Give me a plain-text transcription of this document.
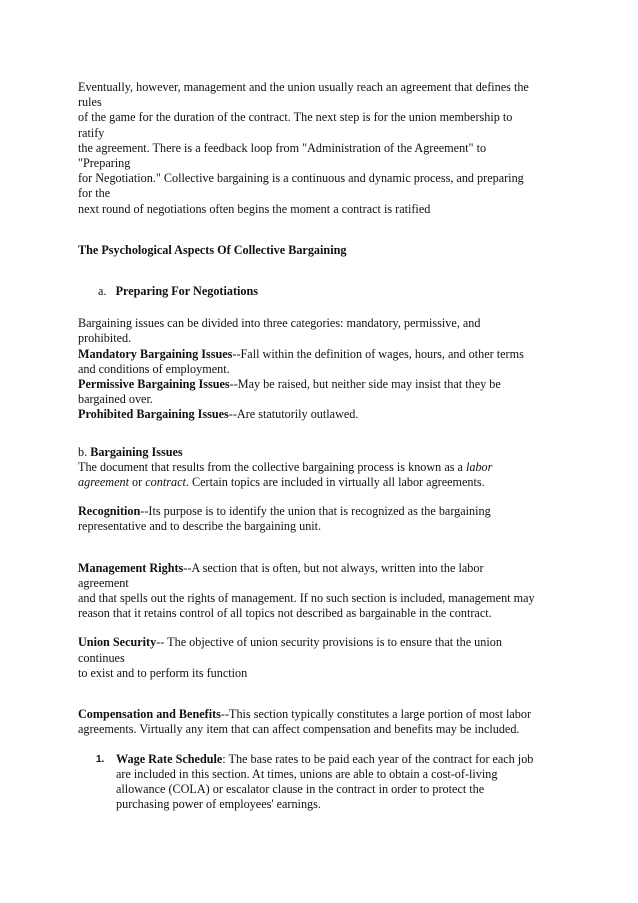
Eventually, however, management and the union usually reach an agreement that defines the
rules
of the game for the duration of the contract. The next step is for the union membership to
ratify
the agreement. There is a feedback loop from "Administration of the Agreement" to
"Preparing
for Negotiation." Collective bargaining is a continuous and dynamic process, and preparing
for the
next round of negotiations often begins the moment a contract is ratified
The Psychological Aspects Of Collective Bargaining
a. Preparing For Negotiations
Bargaining issues can be divided into three categories: mandatory, permissive, and
prohibited.
Mandatory Bargaining Issues--Fall within the definition of wages, hours, and other terms
and conditions of employment.
Permissive Bargaining Issues--May be raised, but neither side may insist that they be
bargained over.
Prohibited Bargaining Issues--Are statutorily outlawed.
b. Bargaining Issues
The document that results from the collective bargaining process is known as a labor
agreement or contract. Certain topics are included in virtually all labor agreements.
Recognition--Its purpose is to identify the union that is recognized as the bargaining
representative and to describe the bargaining unit.
Management Rights--A section that is often, but not always, written into the labor
agreement
and that spells out the rights of management. If no such section is included, management may
reason that it retains control of all topics not described as bargainable in the contract.
Union Security-- The objective of union security provisions is to ensure that the union
continues
to exist and to perform its function
Compensation and Benefits--This section typically constitutes a large portion of most labor
agreements. Virtually any item that can affect compensation and benefits may be included.
1. Wage Rate Schedule: The base rates to be paid each year of the contract for each job
are included in this section. At times, unions are able to obtain a cost-of-living
allowance (COLA) or escalator clause in the contract in order to protect the
purchasing power of employees' earnings.
